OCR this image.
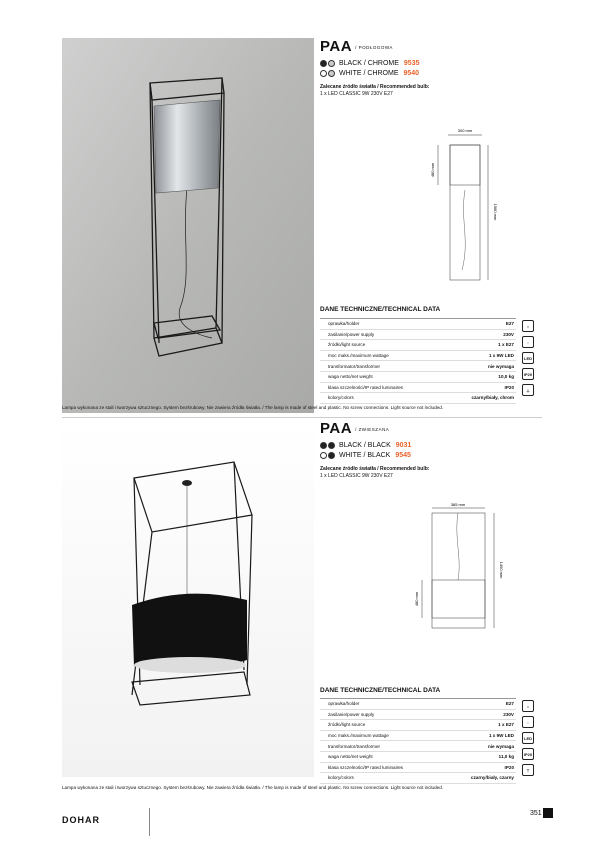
PAA / PODŁOGOWA
BLACK / CHROME 9535
WHITE / CHROME 9540
Zalecane źródło światła / Recommended bulb:
1 x LED CLASSIC 9W 230V E27
300 mm
480 mm
1580 mm
DANE TECHNICZNE/TECHNICAL DATA
oprawka/holder	E27
zasilanie/power supply	230V
źródło/light source	1 x E27
moc maks./maximum wattage	1 x 9W LED
transformator/transformer	nie wymaga
waga netto/net weight	10,0 kg
klasa szczelności/IP rated luminaires	IP20
kolory/colors	czarny/biały, chrom
⌂
◌
LED
IP20
⊥
Lampa wykonana ze stali i tworzywa sztucznego. System bezśrubowy. Nie zawiera źródła światła. / The lamp is made of steel and plastic. No screw connections. Light source not included.
PAA / ZWIESZANA
BLACK / BLACK 9031
WHITE / BLACK 9545
Zalecane źródło światła / Recommended bulb:
1 x LED CLASSIC 9W 230V E27
385 mm
480 mm
1490 mm
DANE TECHNICZNE/TECHNICAL DATA
oprawka/holder	E27
zasilanie/power supply	230V
źródło/light source	1 x E27
moc maks./maximum wattage	1 x 9W LED
transformator/transformer	nie wymaga
waga netto/net weight	11,0 kg
klasa szczelności/IP rated luminaires	IP20
kolory/colors	czarny/biały, czarny
⌂
◌
LED
IP20
⊤
Lampa wykonana ze stali i tworzywa sztucznego. System bezśrubowy. Nie zawiera źródła światła. / The lamp is made of steel and plastic. No screw connections. Light source not included.
DOHAR
351
